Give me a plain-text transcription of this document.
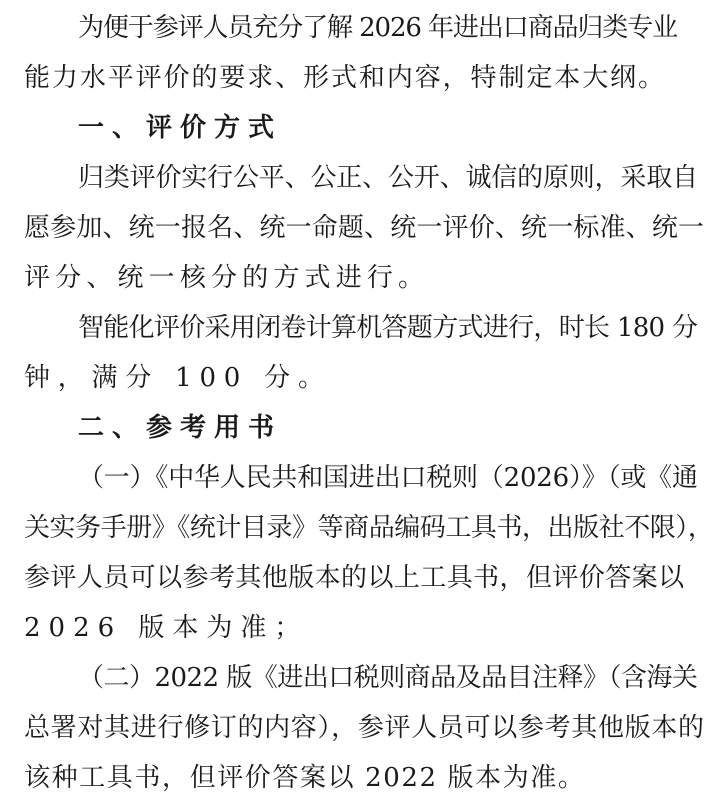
为便于参评人员充分了解 2026 年进出口商品归类专业
能力水平评价的要求、形式和内容，特制定本大纲。
一、评价方式
归类评价实行公平、公正、公开、诚信的原则，采取自
愿参加、统一报名、统一命题、统一评价、统一标准、统一
评分、统一核分的方式进行。
智能化评价采用闭卷计算机答题方式进行，时长 180 分
钟，满分 100 分。
二、参考用书
（一）《中华人民共和国进出口税则（2026）》（或《通
关实务手册》《统计目录》等商品编码工具书，出版社不限），
参评人员可以参考其他版本的以上工具书，但评价答案以
2026 版本为准；
（二）2022 版《进出口税则商品及品目注释》（含海关
总署对其进行修订的内容），参评人员可以参考其他版本的
该种工具书，但评价答案以 2022 版本为准。
